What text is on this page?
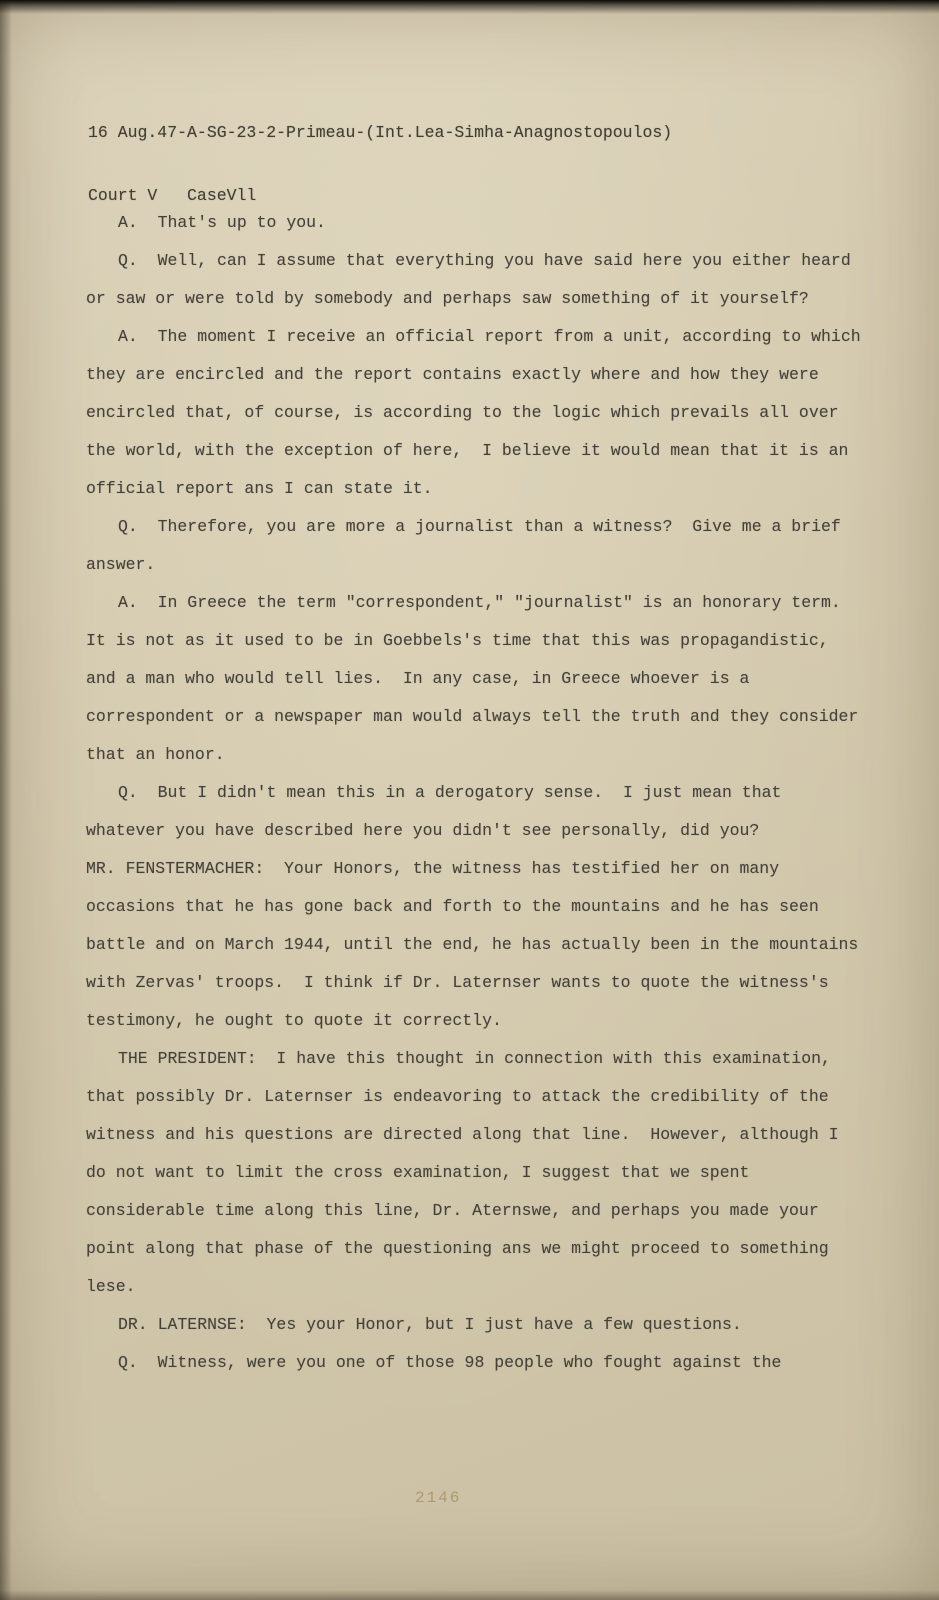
16 Aug.47-A-SG-23-2-Primeau-(Int.Lea-Simha-Anagnostopoulos)

Court V   CaseVll

A.  That's up to you.

Q.  Well, can I assume that everything you have said here you either heard or saw or were told by somebody and perhaps saw something of it yourself?

A.  The moment I receive an official report from a unit, according to which they are encircled and the report contains exactly where and how they were encircled that, of course, is according to the logic which prevails all over the world, with the exception of here,  I believe it would mean that it is an official report ans I can state it.

Q.  Therefore, you are more a journalist than a witness?  Give me a brief answer.

A.  In Greece the term "correspondent," "journalist" is an honorary term.  It is not as it used to be in Goebbels's time that this was propagandistic, and a man who would tell lies.  In any case, in Greece whoever is a correspondent or a newspaper man would always tell the truth and they consider that an honor.

Q.  But I didn't mean this in a derogatory sense.  I just mean that whatever you have described here you didn't see personally, did you?

MR. FENSTERMACHER:  Your Honors, the witness has testified her on many occasions that he has gone back and forth to the mountains and he has seen battle and on March 1944, until the end, he has actually been in the mountains with Zervas' troops.  I think if Dr. Laternser wants to quote the witness's testimony, he ought to quote it correctly.

THE PRESIDENT:  I have this thought in connection with this examination, that possibly Dr. Laternser is endeavoring to attack the credibility of the witness and his questions are directed along that line.  However, although I do not want to limit the cross examination, I suggest that we spent considerable time along this line, Dr. Aternswe, and perhaps you made your point along that phase of the questioning ans we might proceed to something lese.

DR. LATERNSE:  Yes your Honor, but I just have a few questions.

Q.  Witness, were you one of those 98 people who fought against the

2146
